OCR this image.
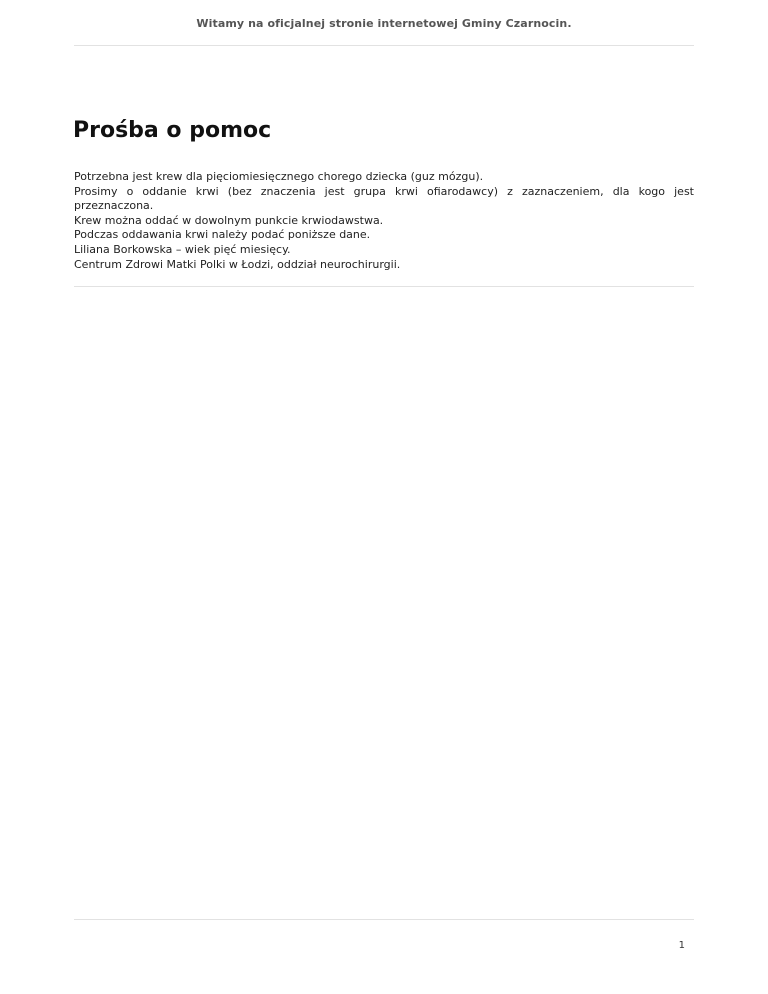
Witamy na oficjalnej stronie internetowej Gminy Czarnocin.
Prośba o pomoc
Potrzebna jest krew dla pięciomiesięcznego chorego dziecka (guz mózgu).
Prosimy o oddanie krwi (bez znaczenia jest grupa krwi ofiarodawcy) z zaznaczeniem, dla kogo jest przeznaczona.
Krew można oddać w dowolnym punkcie krwiodawstwa.
Podczas oddawania krwi należy podać poniższe dane.
Liliana Borkowska – wiek pięć miesięcy.
Centrum Zdrowi Matki Polki w Łodzi, oddział neurochirurgii.
1
